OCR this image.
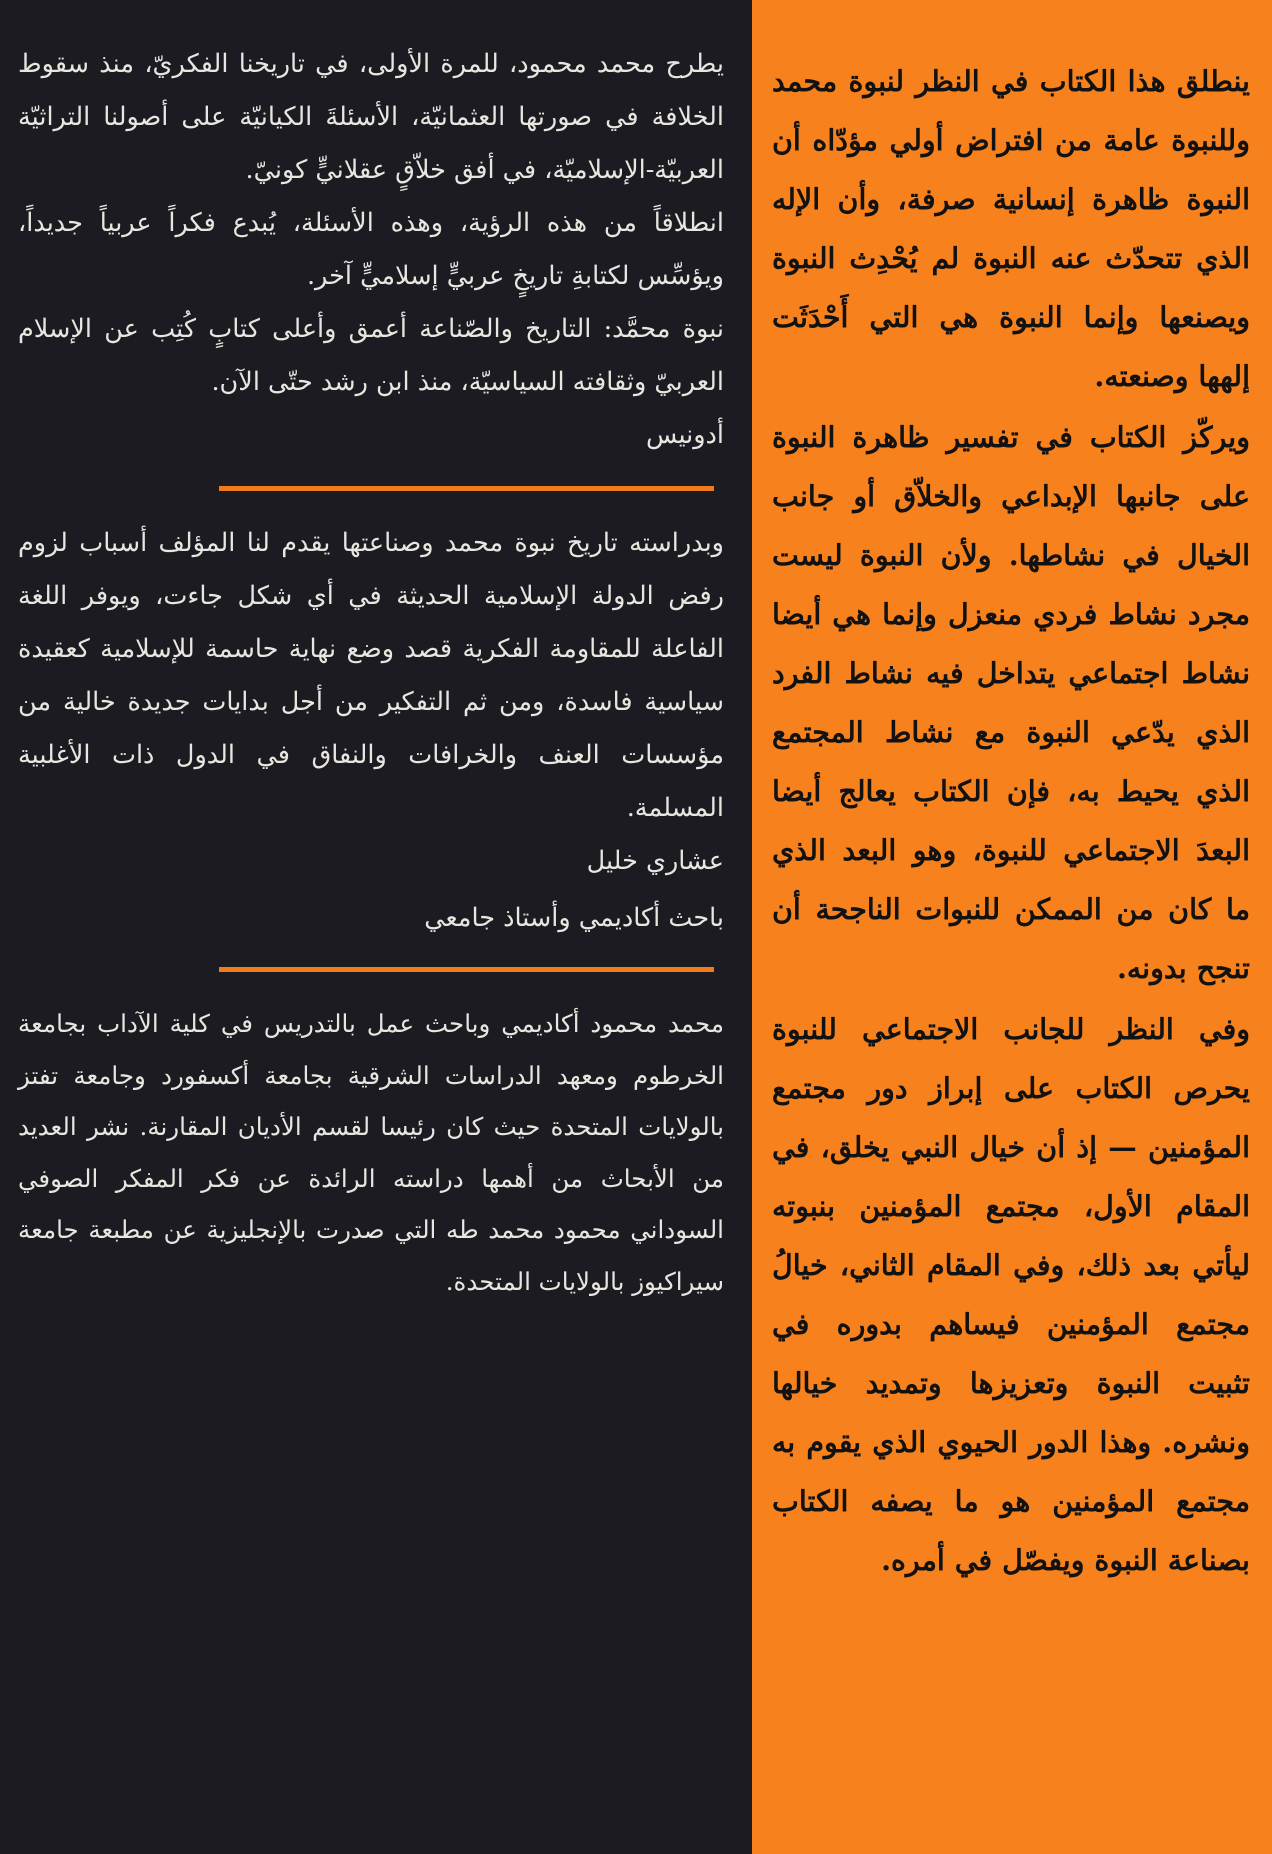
يطرح محمد محمود، للمرة الأولى، في تاريخنا الفكريّ، منذ سقوط الخلافة في صورتها العثمانيّة، الأسئلةَ الكيانيّة على أصولنا التراثيّة العربيّة-الإسلاميّة، في أفق خلاّقٍ عقلانيٍّ كونيّ.

انطلاقاً من هذه الرؤية، وهذه الأسئلة، يُبدع فكراً عربياً جديداً، ويؤسِّس لكتابةِ تاريخٍ عربيٍّ إسلاميٍّ آخر.

نبوة محمَّد: التاريخ والصّناعة أعمق وأعلى كتابٍ كُتِب عن الإسلام العربيّ وثقافته السياسيّة، منذ ابن رشد حتّى الآن.

أدونيس

وبدراسته تاريخ نبوة محمد وصناعتها يقدم لنا المؤلف أسباب لزوم رفض الدولة الإسلامية الحديثة في أي شكل جاءت، ويوفر اللغة الفاعلة للمقاومة الفكرية قصد وضع نهاية حاسمة للإسلامية كعقيدة سياسية فاسدة، ومن ثم التفكير من أجل بدايات جديدة خالية من مؤسسات العنف والخرافات والنفاق في الدول ذات الأغلبية المسلمة.

عشاري خليل

باحث أكاديمي وأستاذ جامعي

محمد محمود أكاديمي وباحث عمل بالتدريس في كلية الآداب بجامعة الخرطوم ومعهد الدراسات الشرقية بجامعة أكسفورد وجامعة تفتز بالولايات المتحدة حيث كان رئيسا لقسم الأديان المقارنة. نشر العديد من الأبحاث من أهمها دراسته الرائدة عن فكر المفكر الصوفي السوداني محمود محمد طه التي صدرت بالإنجليزية عن مطبعة جامعة سيراكيوز بالولايات المتحدة.

ينطلق هذا الكتاب في النظر لنبوة محمد وللنبوة عامة من افتراض أولي مؤدّاه أن النبوة ظاهرة إنسانية صرفة، وأن الإله الذي تتحدّث عنه النبوة لم يُحْدِث النبوة ويصنعها وإنما النبوة هي التي أَحْدَثَت إلهها وصنعته.

ويركّز الكتاب في تفسير ظاهرة النبوة على جانبها الإبداعي والخلاّق أو جانب الخيال في نشاطها. ولأن النبوة ليست مجرد نشاط فردي منعزل وإنما هي أيضا نشاط اجتماعي يتداخل فيه نشاط الفرد الذي يدّعي النبوة مع نشاط المجتمع الذي يحيط به، فإن الكتاب يعالج أيضا البعدَ الاجتماعي للنبوة، وهو البعد الذي ما كان من الممكن للنبوات الناجحة أن تنجح بدونه.

وفي النظر للجانب الاجتماعي للنبوة يحرص الكتاب على إبراز دور مجتمع المؤمنين — إذ أن خيال النبي يخلق، في المقام الأول، مجتمع المؤمنين بنبوته ليأتي بعد ذلك، وفي المقام الثاني، خيالُ مجتمع المؤمنين فيساهم بدوره في تثبيت النبوة وتعزيزها وتمديد خيالها ونشره. وهذا الدور الحيوي الذي يقوم به مجتمع المؤمنين هو ما يصفه الكتاب بصناعة النبوة ويفصّل في أمره.
